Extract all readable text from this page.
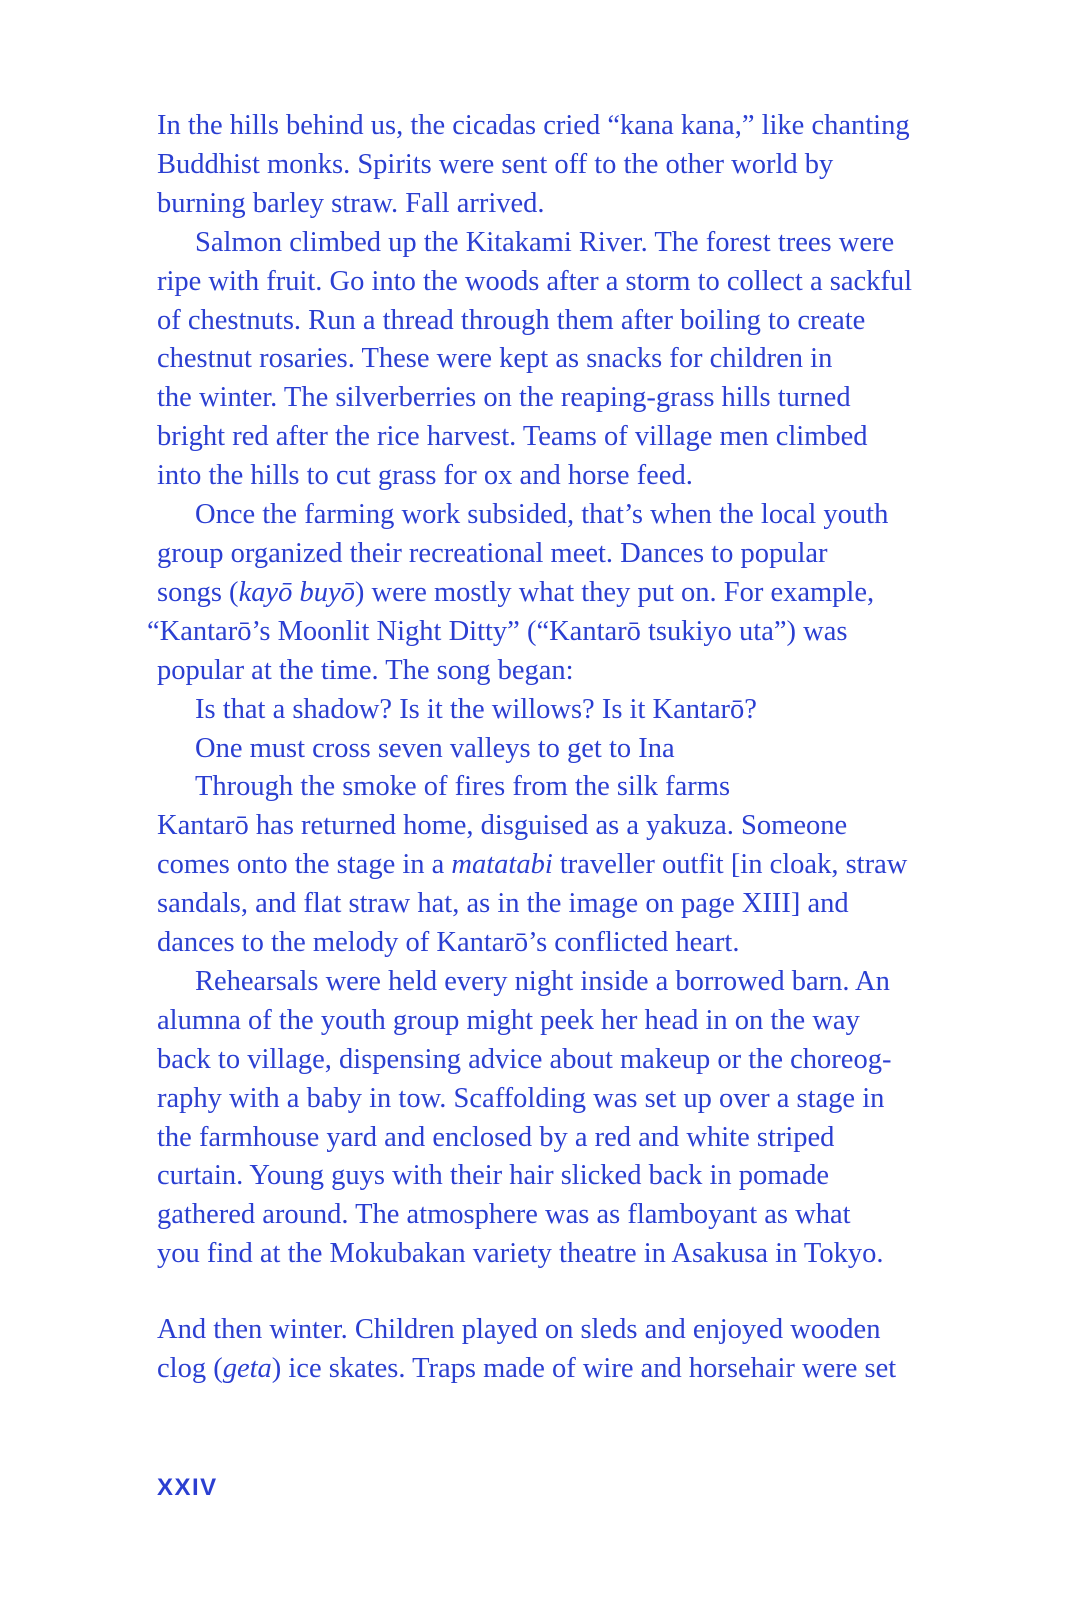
In the hills behind us, the cicadas cried “kana kana,” like chanting
Buddhist monks. Spirits were sent off to the other world by
burning barley straw. Fall arrived.
Salmon climbed up the Kitakami River. The forest trees were
ripe with fruit. Go into the woods after a storm to collect a sackful
of chestnuts. Run a thread through them after boiling to create
chestnut rosaries. These were kept as snacks for children in
the winter. The silverberries on the reaping-grass hills turned
bright red after the rice harvest. Teams of village men climbed
into the hills to cut grass for ox and horse feed.
Once the farming work subsided, that’s when the local youth
group organized their recreational meet. Dances to popular
songs (kayō buyō) were mostly what they put on. For example,
“Kantarō’s Moonlit Night Ditty” (“Kantarō tsukiyo uta”) was
popular at the time. The song began:
Is that a shadow? Is it the willows? Is it Kantarō?
One must cross seven valleys to get to Ina
Through the smoke of fires from the silk farms
Kantarō has returned home, disguised as a yakuza. Someone
comes onto the stage in a matatabi traveller outfit [in cloak, straw
sandals, and flat straw hat, as in the image on page XIII] and
dances to the melody of Kantarō’s conflicted heart.
Rehearsals were held every night inside a borrowed barn. An
alumna of the youth group might peek her head in on the way
back to village, dispensing advice about makeup or the choreog-
raphy with a baby in tow. Scaffolding was set up over a stage in
the farmhouse yard and enclosed by a red and white striped
curtain. Young guys with their hair slicked back in pomade
gathered around. The atmosphere was as flamboyant as what
you find at the Mokubakan variety theatre in Asakusa in Tokyo.
And then winter. Children played on sleds and enjoyed wooden
clog (geta) ice skates. Traps made of wire and horsehair were set
XXIV
